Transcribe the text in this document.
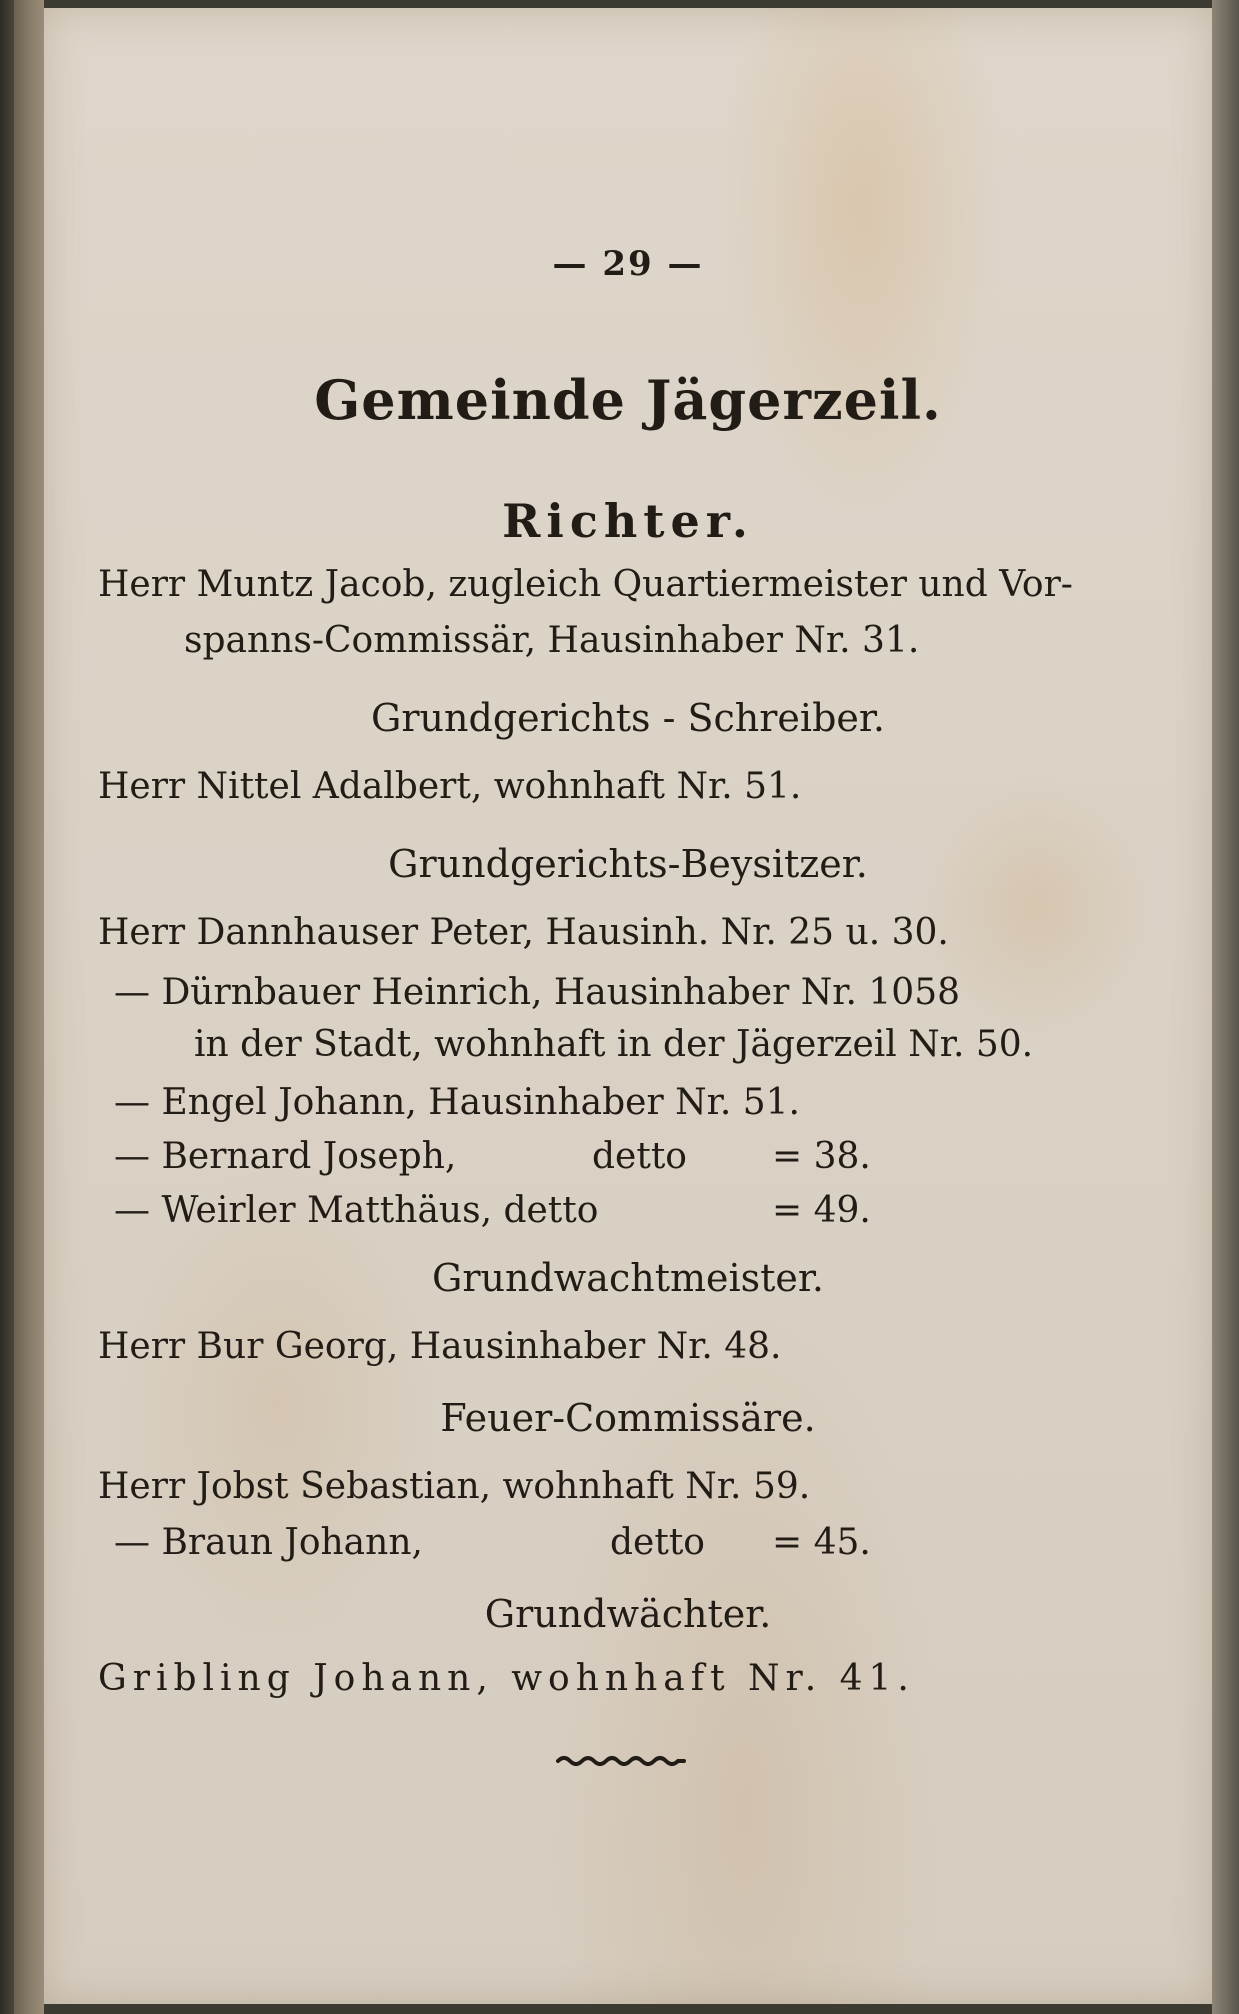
— 29 —
Gemeinde Jägerzeil.
Richter.
Herr Muntz Jacob, zugleich Quartiermeister und Vor-
spanns-Commissär, Hausinhaber Nr. 31.
Grundgerichts - Schreiber.
Herr Nittel Adalbert, wohnhaft Nr. 51.
Grundgerichts-Beysitzer.
Herr Dannhauser Peter, Hausinh. Nr. 25 u. 30.
— Dürnbauer Heinrich, Hausinhaber Nr. 1058
in der Stadt, wohnhaft in der Jägerzeil Nr. 50.
— Engel Johann, Hausinhaber Nr. 51.
— Bernard Joseph,	detto = 38.
— Weirler Matthäus, detto	= 49.
Grundwachtmeister.
Herr Bur Georg, Hausinhaber Nr. 48.
Feuer-Commissäre.
Herr Jobst Sebastian, wohnhaft Nr. 59.
— Braun Johann,	detto = 45.
Grundwächter.
Gribling Johann, wohnhaft Nr. 41.
